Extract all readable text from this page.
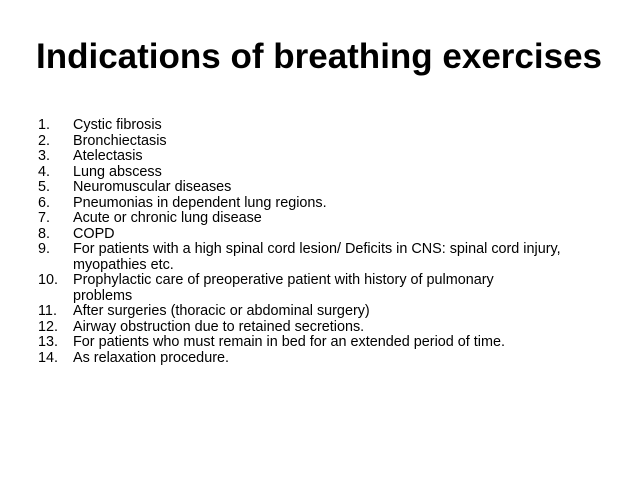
Indications of breathing exercises
1.	Cystic fibrosis
2.	Bronchiectasis
3.	Atelectasis
4.	Lung abscess
5.	Neuromuscular diseases
6.	Pneumonias in dependent lung regions.
7.	Acute or chronic lung disease
8.	COPD
9.	For patients with a high spinal cord lesion/ Deficits in CNS: spinal cord injury, myopathies etc.
10.	Prophylactic care of preoperative patient with history of pulmonary problems
11.	After surgeries (thoracic or abdominal surgery)
12.	Airway obstruction due to retained secretions.
13.	For patients who must remain in bed for an extended period of time.
14.	As relaxation procedure.
